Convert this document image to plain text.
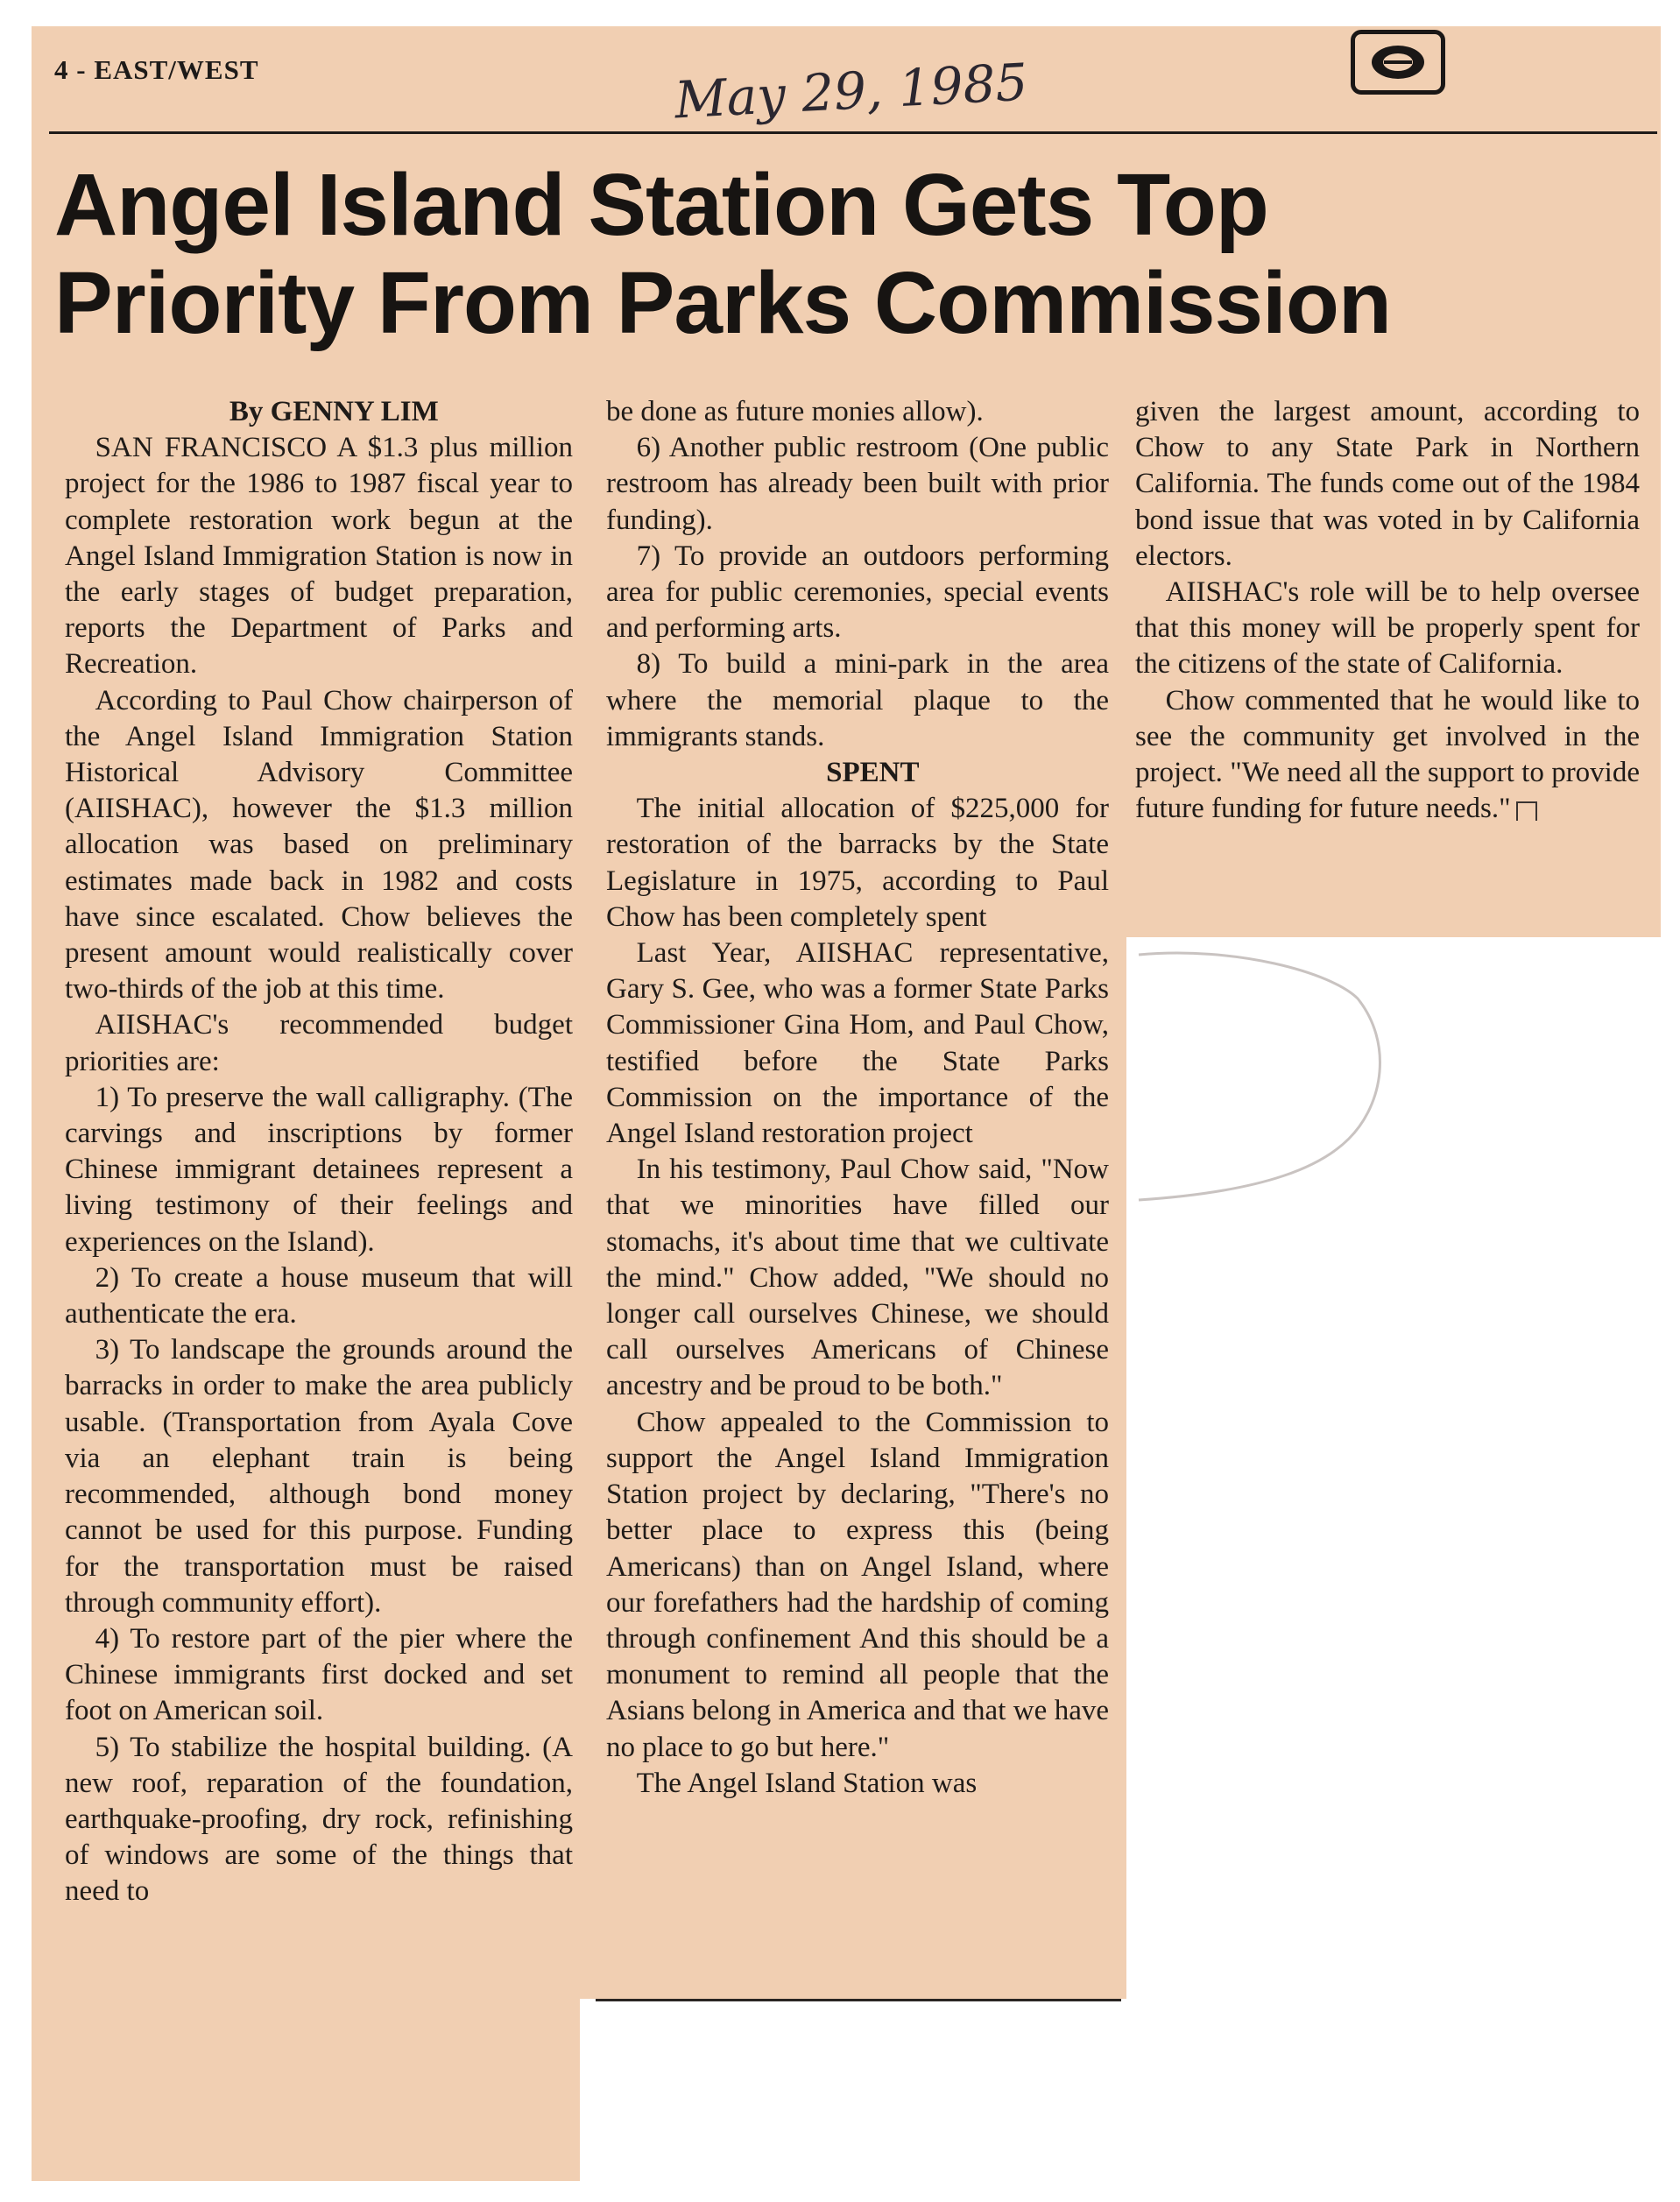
4 - EAST/WEST	May 29, 1985
Angel Island Station Gets Top
Priority From Parks Commission

By GENNY LIM

SAN FRANCISCO A $1.3 plus million project for the 1986 to 1987 fiscal year to complete restoration work begun at the Angel Island Immigration Station is now in the early stages of budget preparation, reports the Department of Parks and Recreation.

According to Paul Chow chairperson of the Angel Island Immigration Station Historical Advisory Committee (AIISHAC), however the $1.3 million allocation was based on preliminary estimates made back in 1982 and costs have since escalated. Chow believes the present amount would realistically cover two-thirds of the job at this time.

AIISHAC's recommended budget priorities are:

1) To preserve the wall calligraphy. (The carvings and inscriptions by former Chinese immigrant detainees represent a living testimony of their feelings and experiences on the Island).

2) To create a house museum that will authenticate the era.

3) To landscape the grounds around the barracks in order to make the area publicly usable. (Transportation from Ayala Cove via an elephant train is being recommended, although bond money cannot be used for this purpose. Funding for the transportation must be raised through community effort).

4) To restore part of the pier where the Chinese immigrants first docked and set foot on American soil.

5) To stabilize the hospital building. (A new roof, reparation of the foundation, earthquake-proofing, dry rock, refinishing of windows are some of the things that need to

be done as future monies allow).

6) Another public restroom (One public restroom has already been built with prior funding).

7) To provide an outdoors performing area for public ceremonies, special events and performing arts.

8) To build a mini-park in the area where the memorial plaque to the immigrants stands.

SPENT

The initial allocation of $225,000 for restoration of the barracks by the State Legislature in 1975, according to Paul Chow has been completely spent

Last Year, AIISHAC representative, Gary S. Gee, who was a former State Parks Commissioner Gina Hom, and Paul Chow, testified before the State Parks Commission on the importance of the Angel Island restoration project

In his testimony, Paul Chow said, "Now that we minorities have filled our stomachs, it's about time that we cultivate the mind." Chow added, "We should no longer call ourselves Chinese, we should call ourselves Americans of Chinese ancestry and be proud to be both."

Chow appealed to the Commission to support the Angel Island Immigration Station project by declaring, "There's no better place to express this (being Americans) than on Angel Island, where our forefathers had the hardship of coming through confinement And this should be a monument to remind all people that the Asians belong in America and that we have no place to go but here."

The Angel Island Station was

given the largest amount, according to Chow to any State Park in Northern California. The funds come out of the 1984 bond issue that was voted in by California electors.

AIISHAC's role will be to help oversee that this money will be properly spent for the citizens of the state of California.

Chow commented that he would like to see the community get involved in the project. "We need all the support to provide future funding for future needs."
